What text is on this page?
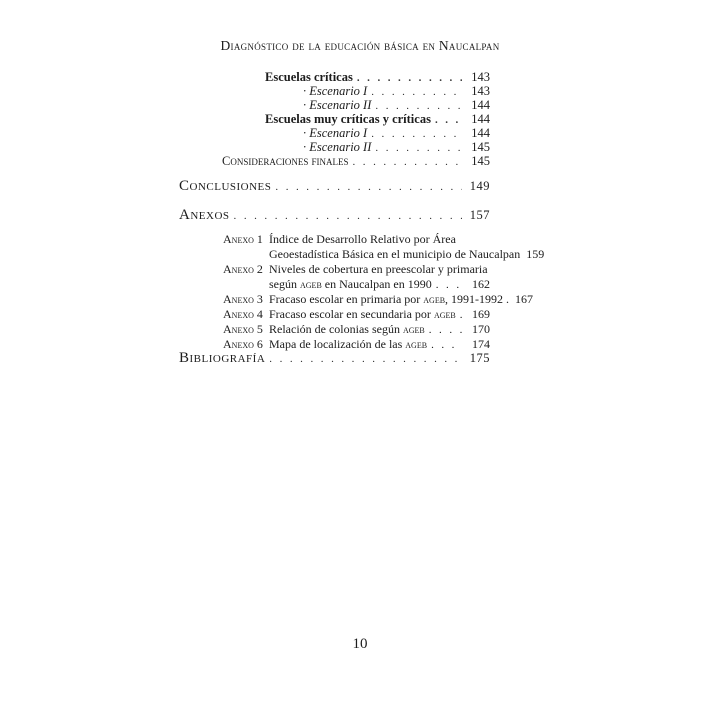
Diagnóstico de la educación básica en Naucalpan
Escuelas críticas . . .	143
· Escenario I . . .	143
· Escenario II . . .	144
Escuelas muy críticas y críticas . . .	144
· Escenario I . . .	144
· Escenario II . . .	145
Consideraciones finales . . .	145
Conclusiones . . .	149
Anexos . . .	157
Anexo 1 Índice de Desarrollo Relativo por Área
Geoestadística Básica en el municipio de Naucalpan 159
Anexo 2 Niveles de cobertura en preescolar y primaria
según ageb en Naucalpan en 1990 . . .	162
Anexo 3 Fracaso escolar en primaria por ageb, 1991-1992 . 167
Anexo 4 Fracaso escolar en secundaria por ageb . . .	169
Anexo 5 Relación de colonias según ageb . . .	170
Anexo 6 Mapa de localización de las ageb . . .	174
Bibliografía . . .	175
10
